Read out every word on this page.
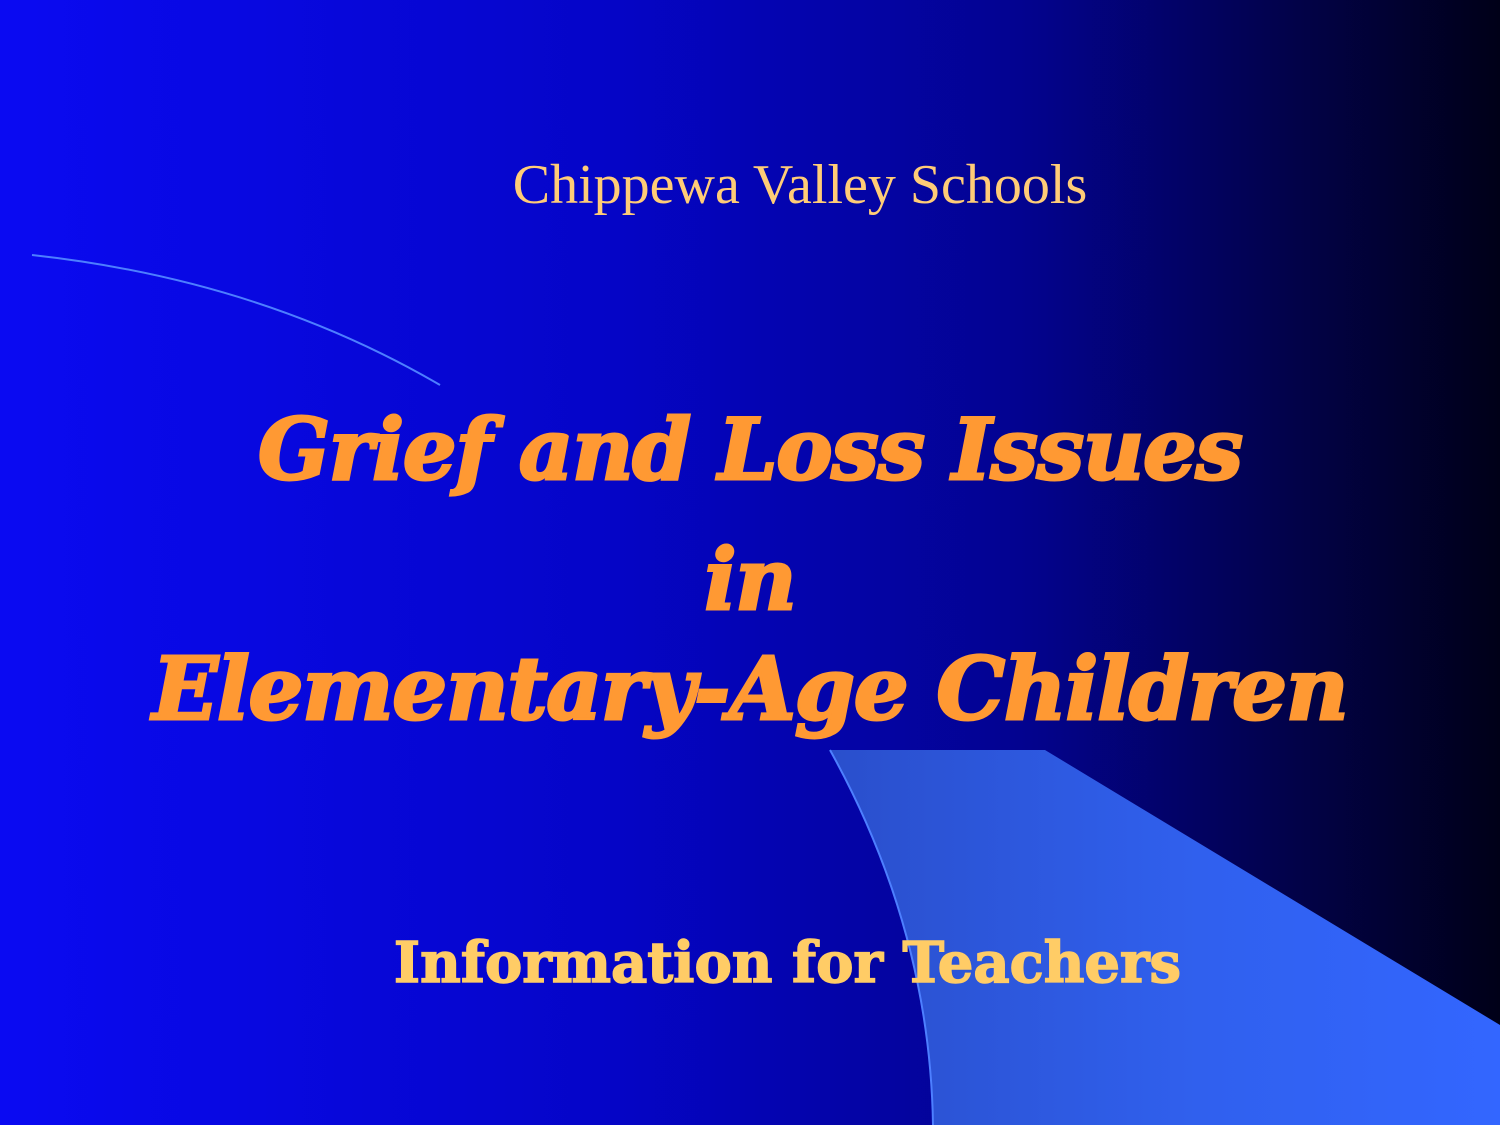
Chippewa Valley Schools
Grief and Loss Issues
in
Elementary-Age Children
Information for Teachers
